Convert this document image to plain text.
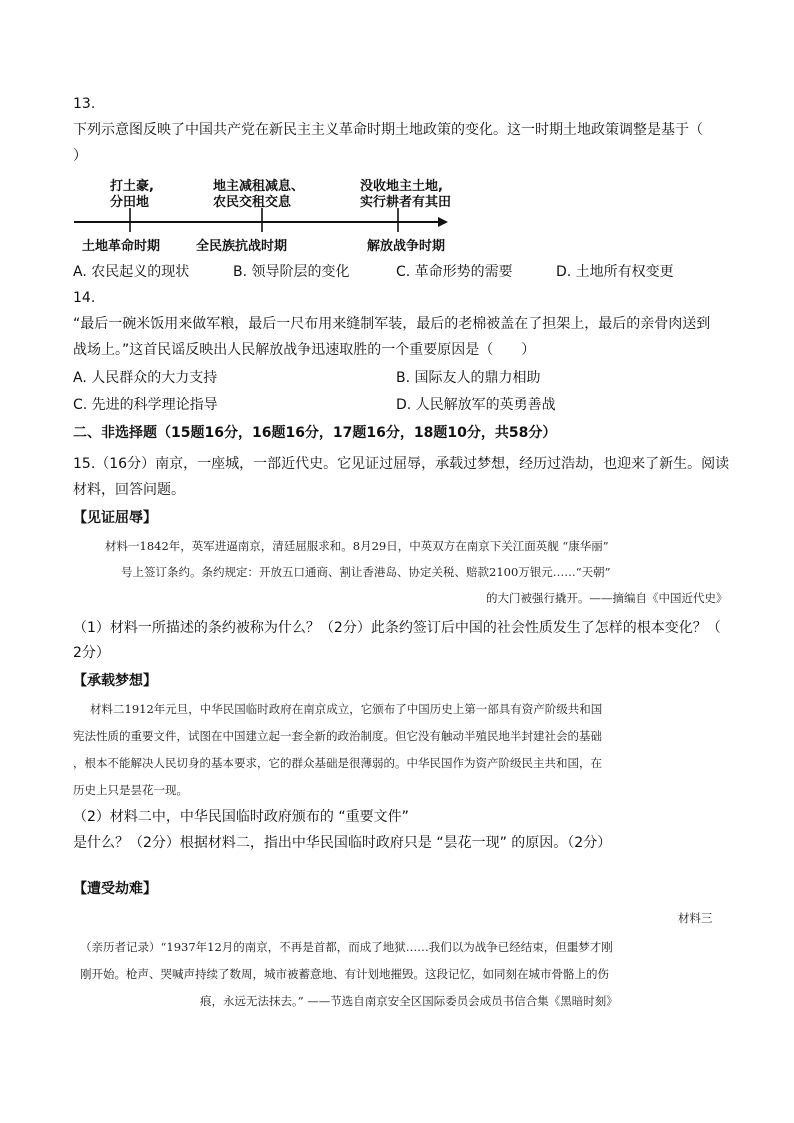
13.
下列示意图反映了中国共产党在新民主主义革命时期土地政策的变化。这一时期土地政策调整是基于（
）
打土豪,
分田地
地主减租减息、
农民交租交息
没收地主土地,
实行耕者有其田
土地革命时期	全民族抗战时期	解放战争时期
A. 农民起义的现状	B. 领导阶层的变化	C. 革命形势的需要	D. 土地所有权变更
14.
“最后一碗米饭用来做军粮，最后一尺布用来缝制军装，最后的老棉被盖在了担架上，最后的亲骨肉送到
战场上。”这首民谣反映出人民解放战争迅速取胜的一个重要原因是（　　）
A. 人民群众的大力支持	B. 国际友人的鼎力相助
C. 先进的科学理论指导	D. 人民解放军的英勇善战
二、非选择题（15题16分，16题16分，17题16分，18题10分，共58分）
15.（16分）南京，一座城，一部近代史。它见证过屈辱，承载过梦想，经历过浩劫，也迎来了新生。阅读
材料，回答问题。
【见证屈辱】
材料一1842年，英军进逼南京，清廷屈服求和。8月29日，中英双方在南京下关江面英舰 “康华丽”
号上签订条约。条约规定：开放五口通商、割让香港岛、协定关税、赔款2100万银元……“天朝”
的大门被强行撬开。——摘编自《中国近代史》
（1）材料一所描述的条约被称为什么？（2分）此条约签订后中国的社会性质发生了怎样的根本变化？（
2分）
【承载梦想】
材料二1912年元旦，中华民国临时政府在南京成立，它颁布了中国历史上第一部具有资产阶级共和国
宪法性质的重要文件，试图在中国建立起一套全新的政治制度。但它没有触动半殖民地半封建社会的基础
，根本不能解决人民切身的基本要求，它的群众基础是很薄弱的。中华民国作为资产阶级民主共和国，在
历史上只是昙花一现。
（2）材料二中，中华民国临时政府颁布的 “重要文件”
是什么？（2分）根据材料二，指出中华民国临时政府只是 “昙花一现” 的原因。（2分）
【遭受劫难】
材料三
（亲历者记录）“1937年12月的南京，不再是首都，而成了地狱……我们以为战争已经结束，但噩梦才刚
刚开始。枪声、哭喊声持续了数周，城市被蓄意地、有计划地摧毁。这段记忆，如同刻在城市骨骼上的伤
痕，永远无法抹去。” ——节选自南京安全区国际委员会成员书信合集《黑暗时刻》
